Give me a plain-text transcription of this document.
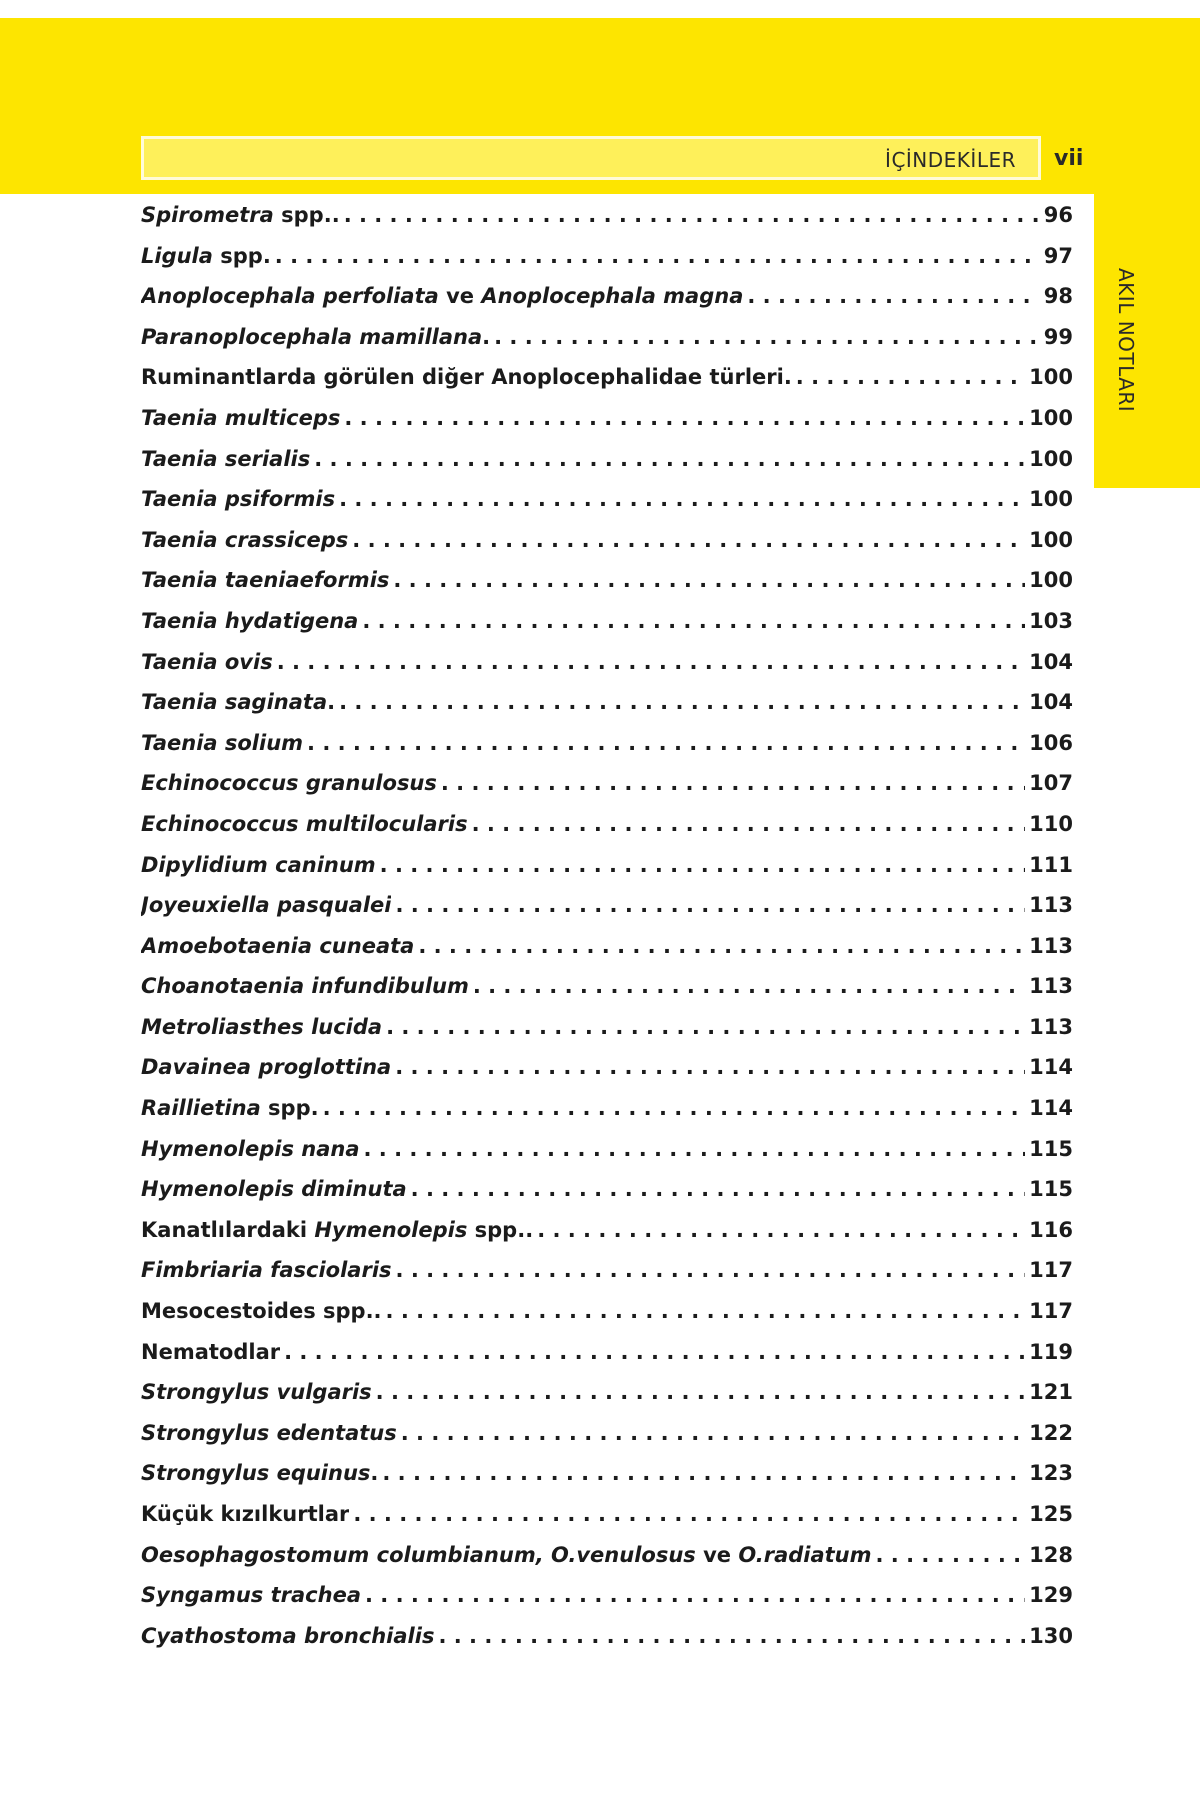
İÇİNDEKİLER vii
AKIL NOTLARI
Spirometra spp.. . . .	96
Ligula spp. . . .	97
Anoplocephala perfoliata ve Anoplocephala magna . . .	98
Paranoplocephala mamillana. . . .	99
Ruminantlarda görülen diğer Anoplocephalidae türleri. . . .	100
Taenia multiceps . . .	100
Taenia serialis . . .	100
Taenia psiformis . . .	100
Taenia crassiceps . . .	100
Taenia taeniaeformis . . .	100
Taenia hydatigena . . .	103
Taenia ovis . . .	104
Taenia saginata. . . .	104
Taenia solium . . .	106
Echinococcus granulosus . . .	107
Echinococcus multilocularis . . .	110
Dipylidium caninum . . .	111
Joyeuxiella pasqualei . . .	113
Amoebotaenia cuneata . . .	113
Choanotaenia infundibulum . . .	113
Metroliasthes lucida . . .	113
Davainea proglottina . . .	114
Raillietina spp. . . .	114
Hymenolepis nana . . .	115
Hymenolepis diminuta . . .	115
Kanatlılardaki Hymenolepis spp.. . . .	116
Fimbriaria fasciolaris . . .	117
Mesocestoides spp.. . . .	117
Nematodlar . . .	119
Strongylus vulgaris . . .	121
Strongylus edentatus . . .	122
Strongylus equinus. . . .	123
Küçük kızılkurtlar . . .	125
Oesophagostomum columbianum, O.venulosus ve O.radiatum . . .	128
Syngamus trachea . . .	129
Cyathostoma bronchialis . . .	130
